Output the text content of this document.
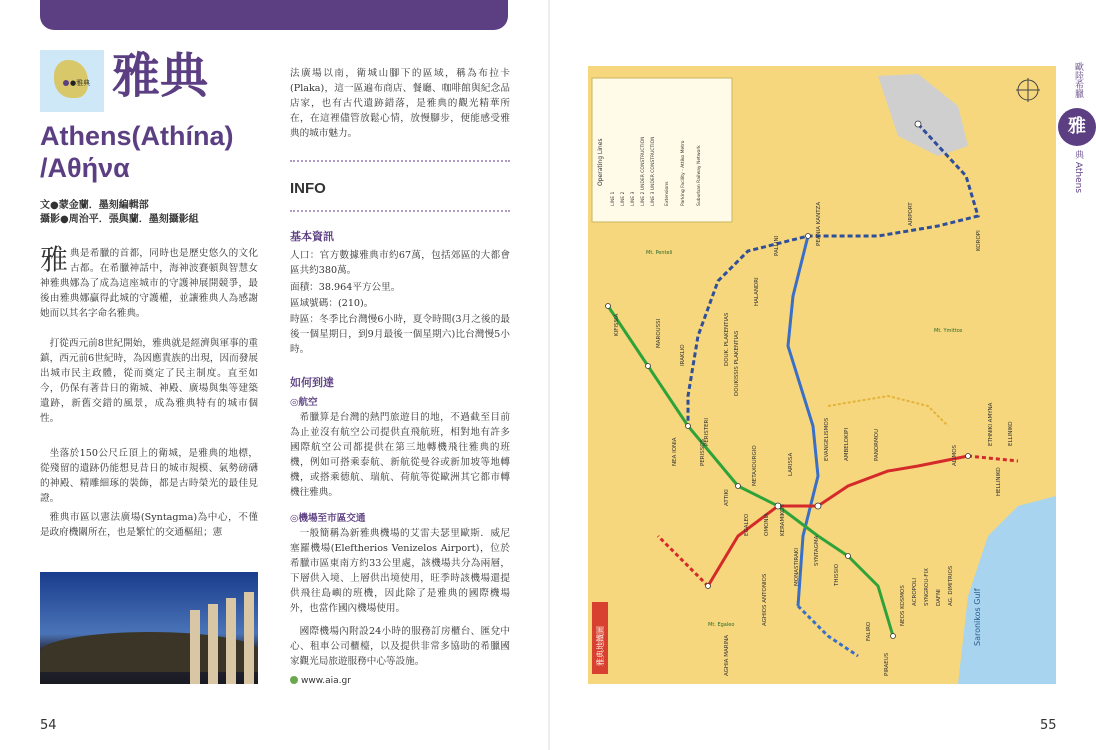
●雅典 雅典
Athens(Athína)
/Αθήνα
文●蒙金蘭．墨刻編輯部
攝影●周治平．張與蘭．墨刻攝影組
雅典是希臘的首都，同時也是歷史悠久的文化古都。在希臘神話中，海神波賽頓與智慧女神雅典娜為了成為這座城市的守護神展開競爭，最後由雅典娜贏得此城的守護權，並讓雅典人為感謝她而以其名字命名雅典。
打從西元前8世紀開始，雅典就是經濟與軍事的重鎮，西元前6世紀時，為因應貴族的出現，因而發展出城市民主政體，從而奠定了民主制度。直至如今，仍保有著昔日的衛城、神殿、廣場與集等建築遺跡，新舊交錯的風景，成為雅典特有的城市個性。
坐落於150公尺丘頂上的衛城，是雅典的地標，從殘留的遺跡仍能想見昔日的城市規模、氣勢磅礴的神殿、精雕細琢的裝飾，都是古時榮光的最佳見證。
雅典市區以憲法廣場(Syntagma)為中心，不僅是政府機關所在，也是繁忙的交通樞紐；憲
54
法廣場以南，衛城山腳下的區域，稱為布拉卡(Plaka)，這一區遍布商店、餐廳、咖啡館與紀念品店家，也有古代遺跡錯落，是雅典的觀光精華所在，在這裡儘管放鬆心情，放慢腳步，便能感受雅典的城市魅力。
INFO
基本資訊
人口：官方數據雅典市約67萬，包括郊區的大都會區共約380萬。
面積：38.964平方公里。
區域號碼：(210)。
時區：冬季比台灣慢6小時，夏令時間(3月之後的最後一個星期日，到9月最後一個星期六)比台灣慢5小時。
如何到達
◎航空
希臘算是台灣的熱門旅遊目的地，不過截至目前為止並沒有航空公司提供直飛航班，相對地有許多國際航空公司都提供在第三地轉機飛往雅典的班機，例如可搭乘泰航、新航從曼谷或新加坡等地轉機，或搭乘德航、瑞航、荷航等從歐洲其它都市轉機往雅典。
◎機場至市區交通
一般簡稱為新雅典機場的艾雷夫瑟里歐斯．威尼塞羅機場(Eleftherios Venizelos Airport)，位於希臘市區東南方約33公里處，該機場共分為兩層，下層供入境、上層供出境使用，旺季時該機場還提供飛往島嶼的班機，因此除了是雅典的國際機場外，也當作國內機場使用。
國際機場內附設24小時的服務訂房櫃台、匯兌中心、租車公司櫃檯，以及提供非常多協助的希臘國家觀光局旅遊服務中心等設施。
www.aia.gr
Operating Lines
LINE 1 LINE 2 LINE 3 LINE 2 UNDER CONSTRUCTION LINE 3 UNDER CONSTRUCTION Extensions Parking Facility - Attiko Metro Suburban Railway Network
KIFISSIA	MAROUSSI
IRAKLIO
NEA IONIA	PERISSOS
ATTIKI
OMONIA
SYNTAGMA
MONASTIRAKI	THISSIO
PIRAEUS
FALIRO
NEOS KOSMOS ACROPOLI SYNGROU-FIX DAFNI AG. DIMITRIOS
ELLINIKO
ETHNIKI AMYNA
PANORMOU
AMBELOKIPI
EVANGELISMOS
DOUK. PLAKENTIAS
HALANDRI
PALLINI
KERAMIKOS
EGALEO
AGHIA MARINA
AGHIOS ANTONIOS
PERISTERI
DOUKISSIS PLAKENTIAS
AIRPORT
KOROPI
PEANIA KANTZA
HELLINIKO
ALIMOS
METAXOURGIO	LARISSA
Mt. Penteli
Mt. Ymittos
Mt. Egaleo	Saronikos Gulf
雅典地鐵圖
歐陸希臘
雅
典 Athens
55
